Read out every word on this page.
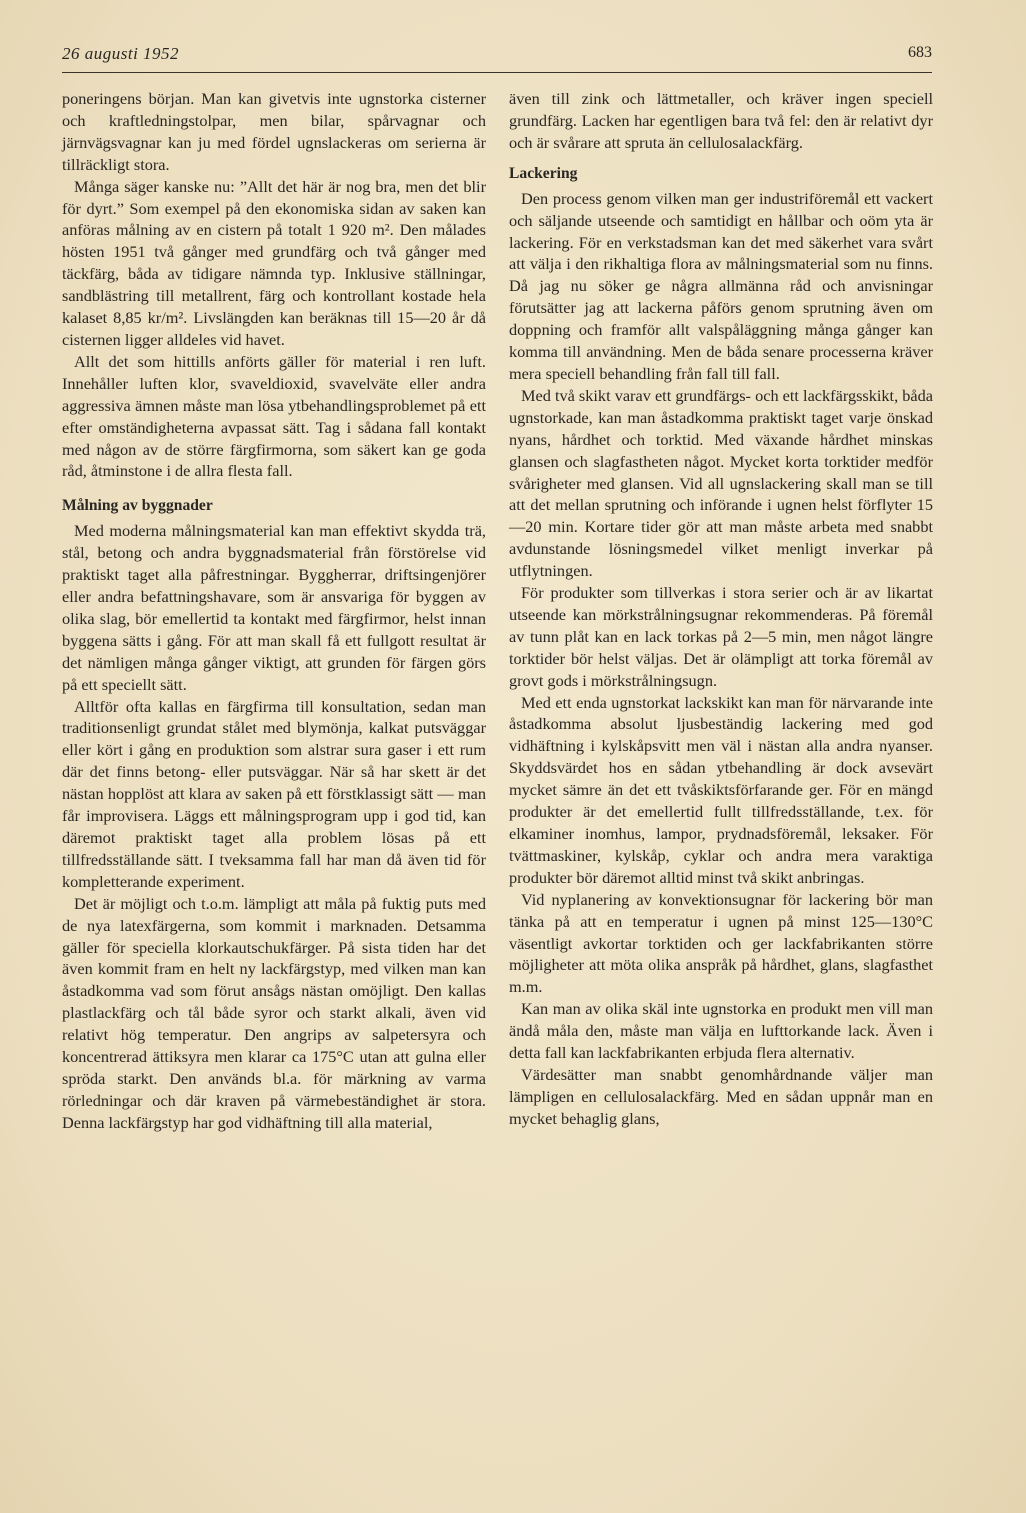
26 augusti 1952	683

poneringens början. Man kan givetvis inte ugnstorka cisterner och kraftledningstolpar, men bilar, spårvagnar och järnvägsvagnar kan ju med fördel ugnslackeras om serierna är tillräckligt stora.

Många säger kanske nu: ”Allt det här är nog bra, men det blir för dyrt.” Som exempel på den ekonomiska sidan av saken kan anföras målning av en cistern på totalt 1 920 m². Den målades hösten 1951 två gånger med grundfärg och två gånger med täckfärg, båda av tidigare nämnda typ. Inklusive ställningar, sandblästring till metallrent, färg och kontrollant kostade hela kalaset 8,85 kr/m². Livslängden kan beräknas till 15—20 år då cisternen ligger alldeles vid havet.

Allt det som hittills anförts gäller för material i ren luft. Innehåller luften klor, svaveldioxid, svavelväte eller andra aggressiva ämnen måste man lösa ytbehandlingsproblemet på ett efter omständigheterna avpassat sätt. Tag i sådana fall kontakt med någon av de större färgfirmorna, som säkert kan ge goda råd, åtminstone i de allra flesta fall.

Målning av byggnader

Med moderna målningsmaterial kan man effektivt skydda trä, stål, betong och andra byggnadsmaterial från förstörelse vid praktiskt taget alla påfrestningar. Byggherrar, driftsingenjörer eller andra befattningshavare, som är ansvariga för byggen av olika slag, bör emellertid ta kontakt med färgfirmor, helst innan byggena sätts i gång. För att man skall få ett fullgott resultat är det nämligen många gånger viktigt, att grunden för färgen görs på ett speciellt sätt.

Alltför ofta kallas en färgfirma till konsultation, sedan man traditionsenligt grundat stålet med blymönja, kalkat putsväggar eller kört i gång en produktion som alstrar sura gaser i ett rum där det finns betong- eller putsväggar. När så har skett är det nästan hopplöst att klara av saken på ett förstklassigt sätt — man får improvisera. Läggs ett målningsprogram upp i god tid, kan däremot praktiskt taget alla problem lösas på ett tillfredsställande sätt. I tveksamma fall har man då även tid för kompletterande experiment.

Det är möjligt och t.o.m. lämpligt att måla på fuktig puts med de nya latexfärgerna, som kommit i marknaden. Detsamma gäller för speciella klorkautschukfärger. På sista tiden har det även kommit fram en helt ny lackfärgstyp, med vilken man kan åstadkomma vad som förut ansågs nästan omöjligt. Den kallas plastlackfärg och tål både syror och starkt alkali, även vid relativt hög temperatur. Den angrips av salpetersyra och koncentrerad ättiksyra men klarar ca 175°C utan att gulna eller spröda starkt. Den används bl.a. för märkning av varma rörledningar och där kraven på värmebeständighet är stora. Denna lackfärgstyp har god vidhäftning till alla material,

även till zink och lättmetaller, och kräver ingen speciell grundfärg. Lacken har egentligen bara två fel: den är relativt dyr och är svårare att spruta än cellulosalackfärg.

Lackering

Den process genom vilken man ger industriföremål ett vackert och säljande utseende och samtidigt en hållbar och oöm yta är lackering. För en verkstadsman kan det med säkerhet vara svårt att välja i den rikhaltiga flora av målningsmaterial som nu finns. Då jag nu söker ge några allmänna råd och anvisningar förutsätter jag att lackerna påförs genom sprutning även om doppning och framför allt valspåläggning många gånger kan komma till användning. Men de båda senare processerna kräver mera speciell behandling från fall till fall.

Med två skikt varav ett grundfärgs- och ett lackfärgsskikt, båda ugnstorkade, kan man åstadkomma praktiskt taget varje önskad nyans, hårdhet och torktid. Med växande hårdhet minskas glansen och slagfastheten något. Mycket korta torktider medför svårigheter med glansen. Vid all ugnslackering skall man se till att det mellan sprutning och införande i ugnen helst förflyter 15—20 min. Kortare tider gör att man måste arbeta med snabbt avdunstande lösningsmedel vilket menligt inverkar på utflytningen.

För produkter som tillverkas i stora serier och är av likartat utseende kan mörkstrålningsugnar rekommenderas. På föremål av tunn plåt kan en lack torkas på 2—5 min, men något längre torktider bör helst väljas. Det är olämpligt att torka föremål av grovt gods i mörkstrålningsugn.

Med ett enda ugnstorkat lackskikt kan man för närvarande inte åstadkomma absolut ljusbeständig lackering med god vidhäftning i kylskåpsvitt men väl i nästan alla andra nyanser. Skyddsvärdet hos en sådan ytbehandling är dock avsevärt mycket sämre än det ett tvåskiktsförfarande ger. För en mängd produkter är det emellertid fullt tillfredsställande, t.ex. för elkaminer inomhus, lampor, prydnadsföremål, leksaker. För tvättmaskiner, kylskåp, cyklar och andra mera varaktiga produkter bör däremot alltid minst två skikt anbringas.

Vid nyplanering av konvektionsugnar för lackering bör man tänka på att en temperatur i ugnen på minst 125—130°C väsentligt avkortar torktiden och ger lackfabrikanten större möjligheter att möta olika anspråk på hårdhet, glans, slagfasthet m.m.

Kan man av olika skäl inte ugnstorka en produkt men vill man ändå måla den, måste man välja en lufttorkande lack. Även i detta fall kan lackfabrikanten erbjuda flera alternativ.

Värdesätter man snabbt genomhårdnande väljer man lämpligen en cellulosalackfärg. Med en sådan uppnår man en mycket behaglig glans,
